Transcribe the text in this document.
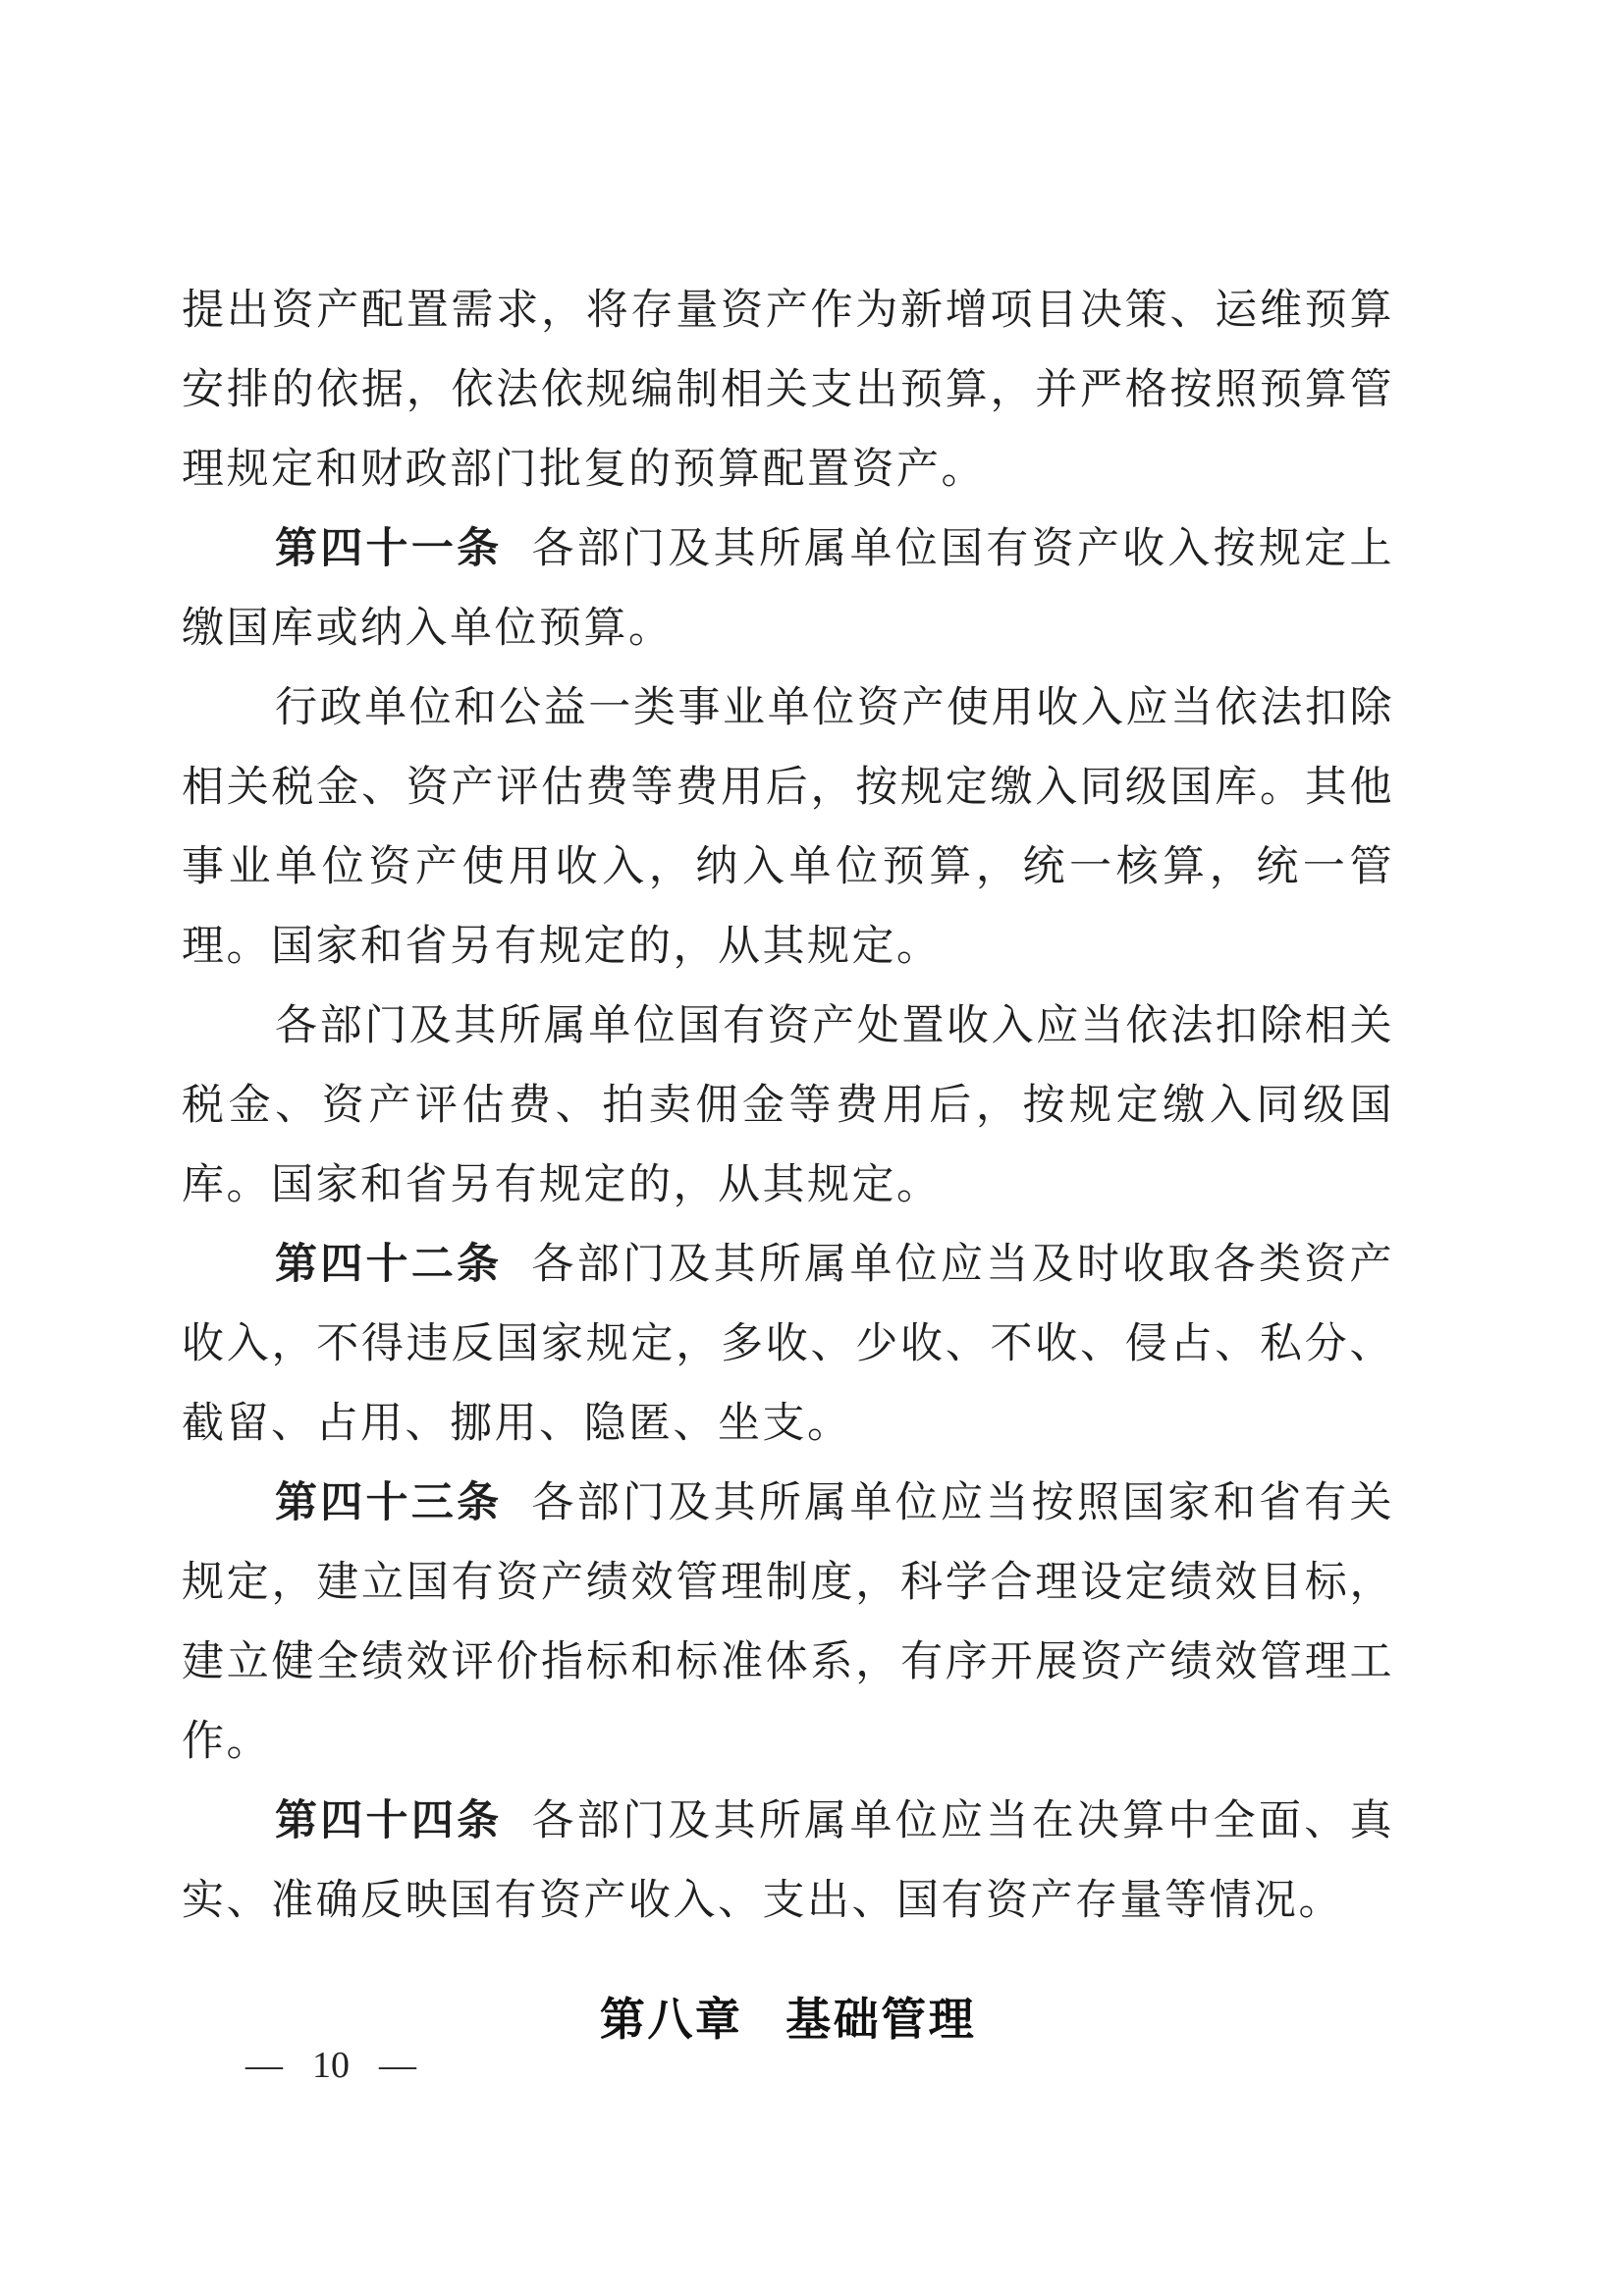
提出资产配置需求，将存量资产作为新增项目决策、运维预算安排的依据，依法依规编制相关支出预算，并严格按照预算管理规定和财政部门批复的预算配置资产。

第四十一条 各部门及其所属单位国有资产收入按规定上缴国库或纳入单位预算。

行政单位和公益一类事业单位资产使用收入应当依法扣除相关税金、资产评估费等费用后，按规定缴入同级国库。其他事业单位资产使用收入，纳入单位预算，统一核算，统一管理。国家和省另有规定的，从其规定。

各部门及其所属单位国有资产处置收入应当依法扣除相关税金、资产评估费、拍卖佣金等费用后，按规定缴入同级国库。国家和省另有规定的，从其规定。

第四十二条 各部门及其所属单位应当及时收取各类资产收入，不得违反国家规定，多收、少收、不收、侵占、私分、截留、占用、挪用、隐匿、坐支。

第四十三条 各部门及其所属单位应当按照国家和省有关规定，建立国有资产绩效管理制度，科学合理设定绩效目标，建立健全绩效评价指标和标准体系，有序开展资产绩效管理工作。

第四十四条 各部门及其所属单位应当在决算中全面、真实、准确反映国有资产收入、支出、国有资产存量等情况。

第八章 基础管理
— 10 —
